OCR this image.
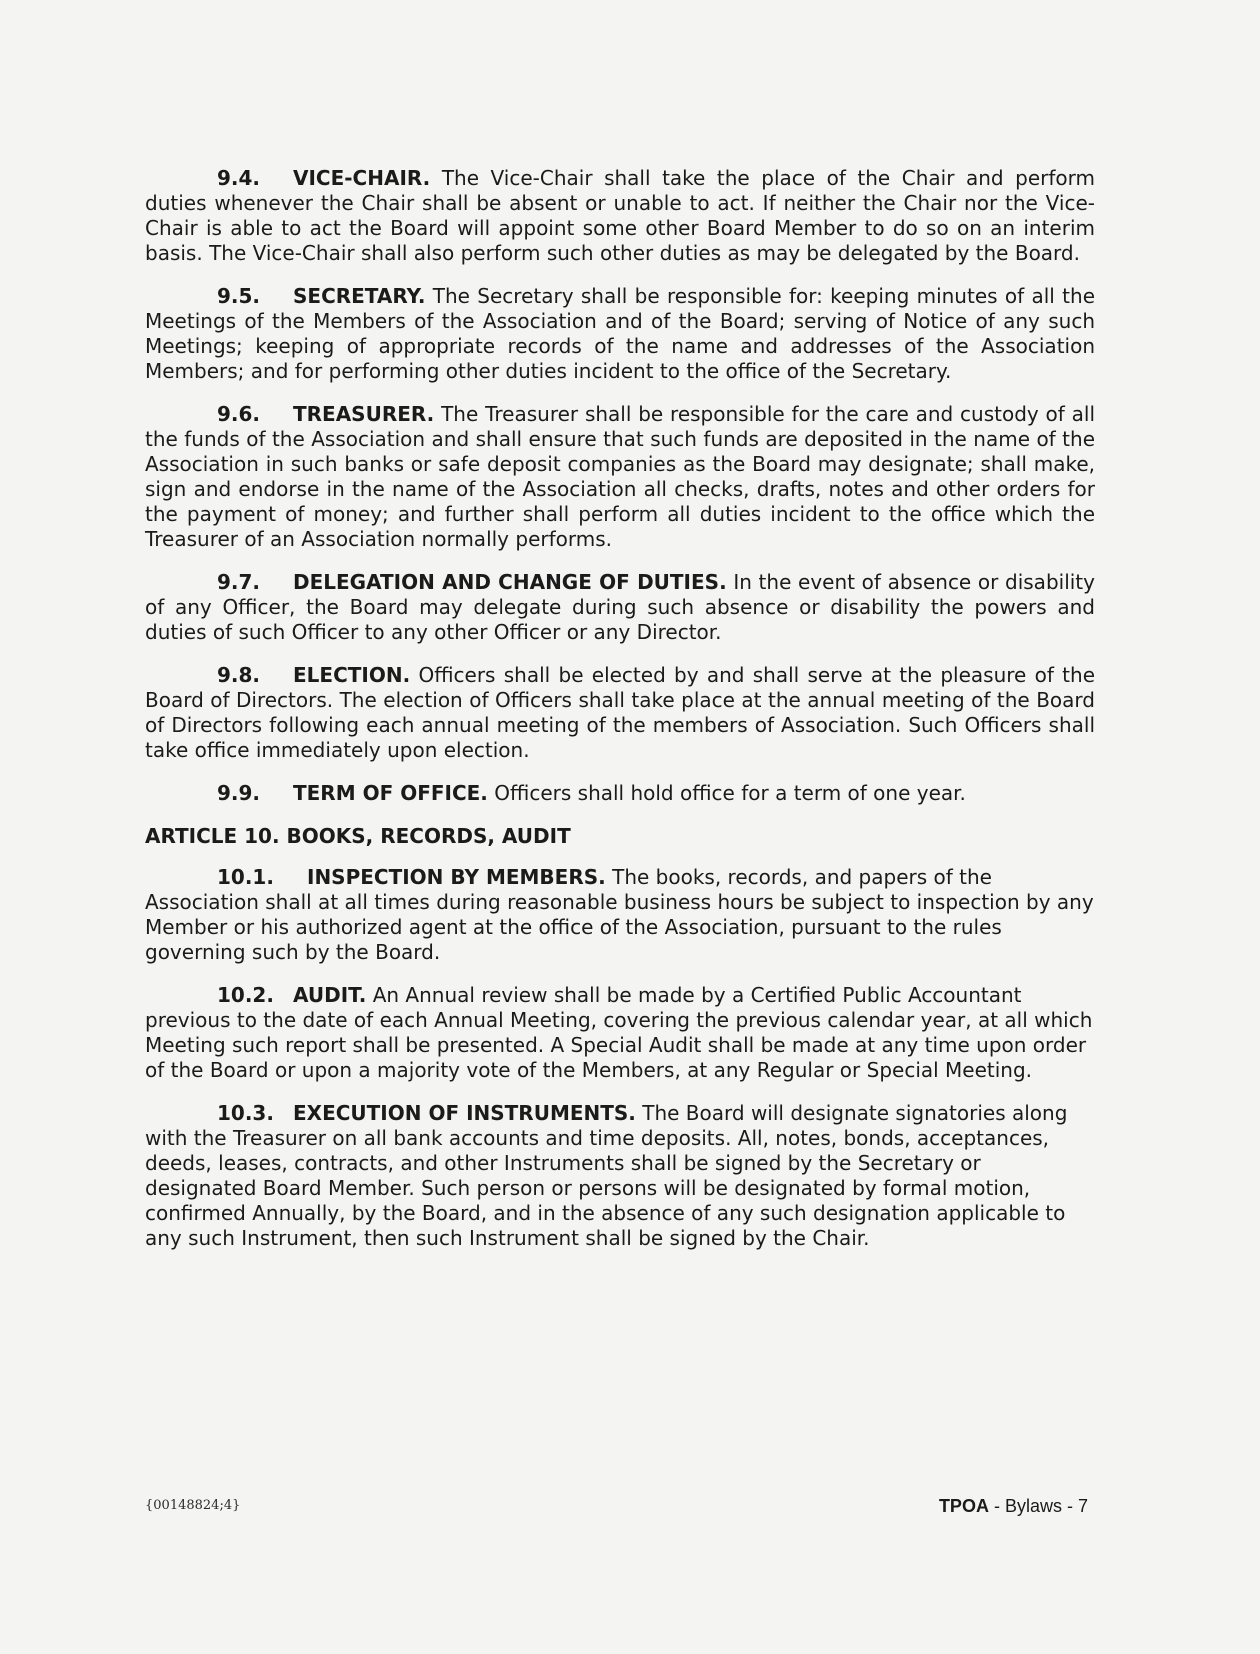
9.4. VICE-CHAIR. The Vice-Chair shall take the place of the Chair and perform duties whenever the Chair shall be absent or unable to act. If neither the Chair nor the Vice-Chair is able to act the Board will appoint some other Board Member to do so on an interim basis. The Vice-Chair shall also perform such other duties as may be delegated by the Board.

9.5. SECRETARY. The Secretary shall be responsible for: keeping minutes of all the Meetings of the Members of the Association and of the Board; serving of Notice of any such Meetings; keeping of appropriate records of the name and addresses of the Association Members; and for performing other duties incident to the office of the Secretary.

9.6. TREASURER. The Treasurer shall be responsible for the care and custody of all the funds of the Association and shall ensure that such funds are deposited in the name of the Association in such banks or safe deposit companies as the Board may designate; shall make, sign and endorse in the name of the Association all checks, drafts, notes and other orders for the payment of money; and further shall perform all duties incident to the office which the Treasurer of an Association normally performs.

9.7. DELEGATION AND CHANGE OF DUTIES. In the event of absence or disability of any Officer, the Board may delegate during such absence or disability the powers and duties of such Officer to any other Officer or any Director.

9.8. ELECTION. Officers shall be elected by and shall serve at the pleasure of the Board of Directors. The election of Officers shall take place at the annual meeting of the Board of Directors following each annual meeting of the members of Association. Such Officers shall take office immediately upon election.

9.9. TERM OF OFFICE. Officers shall hold office for a term of one year.

ARTICLE 10. BOOKS, RECORDS, AUDIT

10.1. INSPECTION BY MEMBERS. The books, records, and papers of the Association shall at all times during reasonable business hours be subject to inspection by any Member or his authorized agent at the office of the Association, pursuant to the rules governing such by the Board.

10.2. AUDIT. An Annual review shall be made by a Certified Public Accountant previous to the date of each Annual Meeting, covering the previous calendar year, at all which Meeting such report shall be presented. A Special Audit shall be made at any time upon order of the Board or upon a majority vote of the Members, at any Regular or Special Meeting.

10.3. EXECUTION OF INSTRUMENTS. The Board will designate signatories along with the Treasurer on all bank accounts and time deposits. All, notes, bonds, acceptances, deeds, leases, contracts, and other Instruments shall be signed by the Secretary or designated Board Member. Such person or persons will be designated by formal motion, confirmed Annually, by the Board, and in the absence of any such designation applicable to any such Instrument, then such Instrument shall be signed by the Chair.

{00148824;4}	TPOA - Bylaws - 7
